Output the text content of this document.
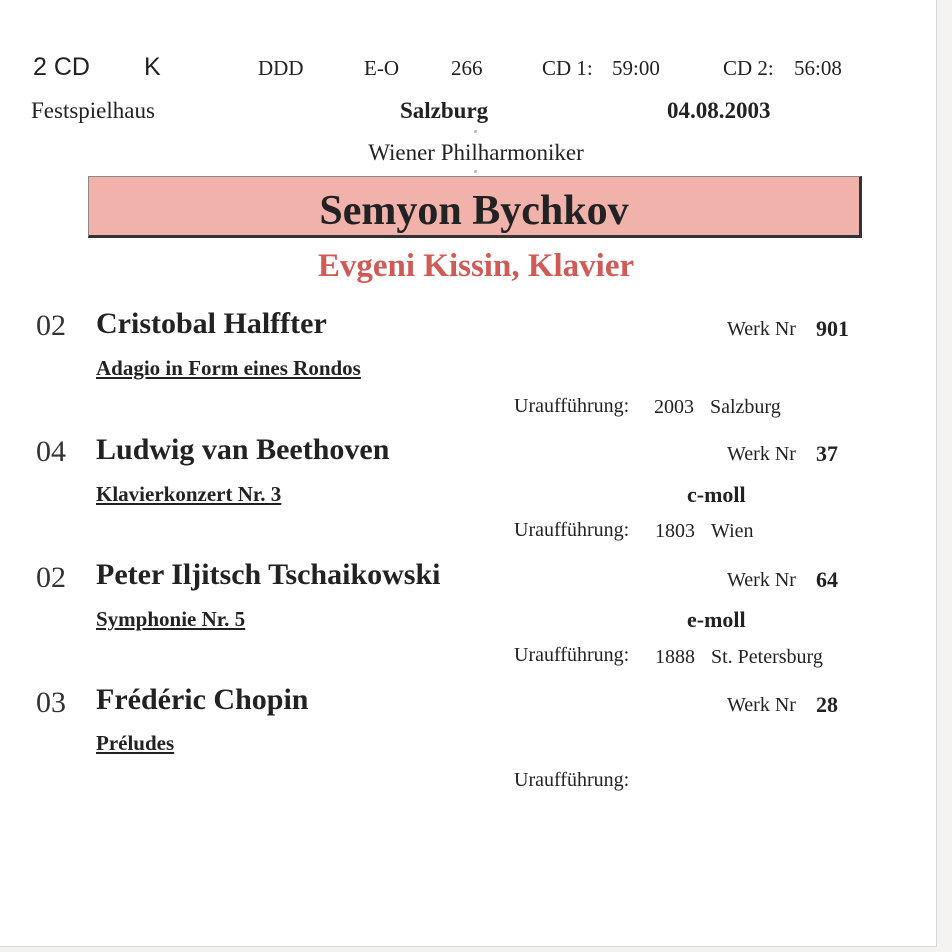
2 CD K	DDD	E-O 266	CD 1: 59:00	CD 2: 56:08
Festspielhaus	Salzburg	04.08.2003
Wiener Philharmoniker
Semyon Bychkov
Evgeni Kissin, Klavier
02 Cristobal Halffter	Werk Nr 901
Adagio in Form eines Rondos
Uraufführung: 2003 Salzburg
04 Ludwig van Beethoven	Werk Nr 37
Klavierkonzert Nr. 3	c-moll
Uraufführung: 1803 Wien
02 Peter Iljitsch Tschaikowski	Werk Nr 64
Symphonie Nr. 5	e-moll
Uraufführung: 1888 St. Petersburg
03 Frédéric Chopin	Werk Nr 28
Préludes
Uraufführung:
